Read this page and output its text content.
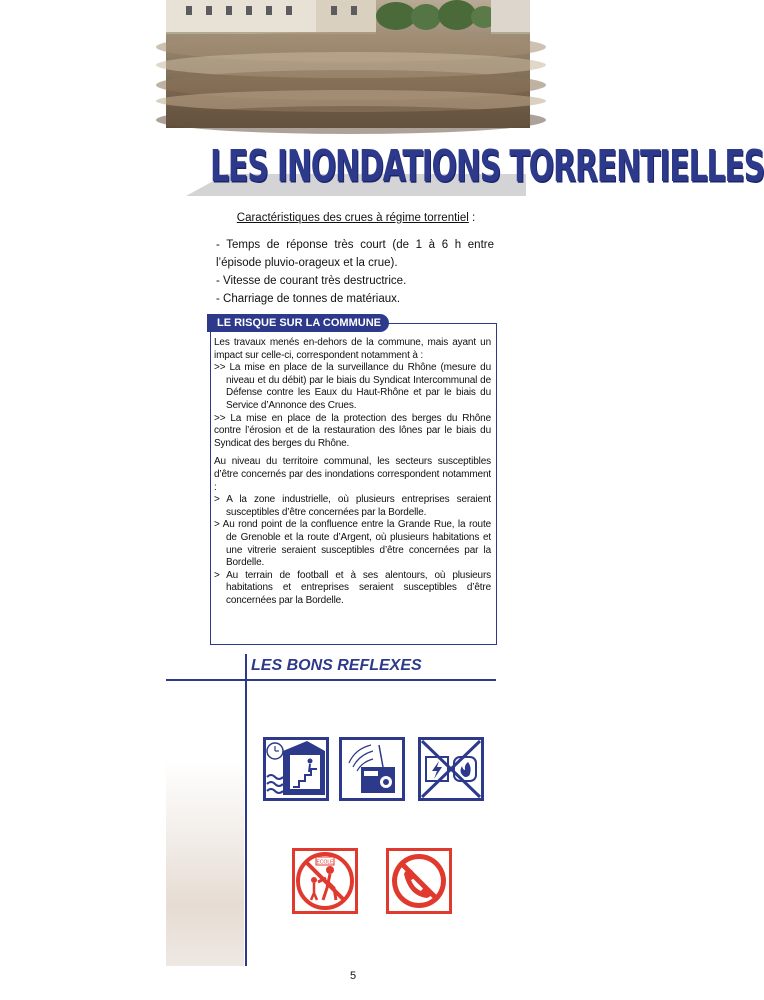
LES INONDATIONS TORRENTIELLES
Caractéristiques des crues à régime torrentiel :
- Temps de réponse très court (de 1 à 6 h entre
l’épisode pluvio-orageux et la crue).
- Vitesse de courant très destructrice.
- Charriage de tonnes de matériaux.
LE RISQUE SUR LA COMMUNE

Les travaux menés en-dehors de la commune, mais ayant un impact sur celle-ci, correspondent notamment à :

>> La mise en place de la surveillance du Rhône (mesure du niveau et du débit) par le biais du Syndicat Intercommunal de Défense contre les Eaux du Haut-Rhône et par le biais du Service d’Annonce des Crues.

>> La mise en place de la protection des berges du Rhône contre l’érosion et de la restauration des lônes par le biais du Syndicat des berges du Rhône.

Au niveau du territoire communal, les secteurs susceptibles d’être concernés par des inondations correspondent notamment :

> A la zone industrielle, où plusieurs entreprises seraient susceptibles d’être concernées par la Bordelle.

> Au rond point de la confluence entre la Grande Rue, la route de Grenoble et la route d’Argent, où plusieurs habitations et une vitrerie seraient susceptibles d’être concernées par la Bordelle.

> Au terrain de football et à ses alentours, où plusieurs habitations et entreprises seraient susceptibles d’être concernées par la Bordelle.

LES BONS REFLEXES
ECOLE
5
